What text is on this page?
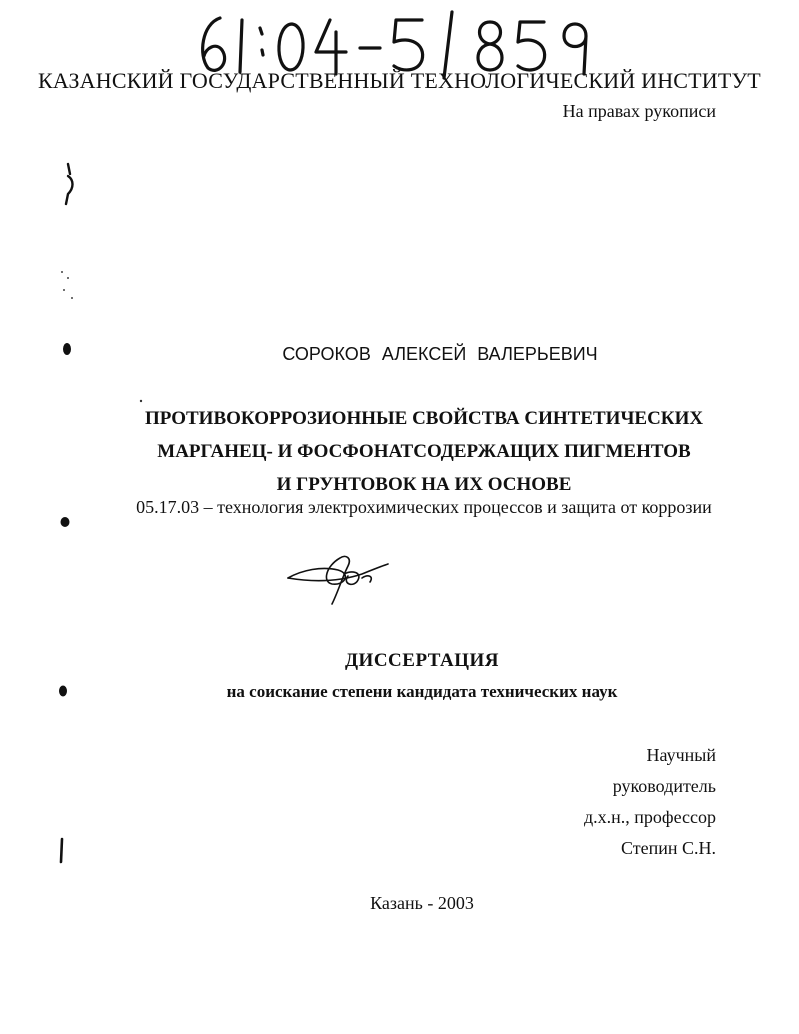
КАЗАНСКИЙ ГОСУДАРСТВЕННЫЙ ТЕХНОЛОГИЧЕСКИЙ ИНСТИТУТ
На правах рукописи
СОРОКОВ АЛЕКСЕЙ ВАЛЕРЬЕВИЧ
ПРОТИВОКОРРОЗИОННЫЕ СВОЙСТВА СИНТЕТИЧЕСКИХ
МАРГАНЕЦ- И ФОСФОНАТСОДЕРЖАЩИХ ПИГМЕНТОВ
И ГРУНТОВОК НА ИХ ОСНОВЕ
05.17.03 – технология электрохимических процессов и защита от коррозии
ДИССЕРТАЦИЯ
на соискание степени кандидата технических наук
Научный
руководитель
д.х.н., профессор
Степин С.Н.
Казань - 2003
